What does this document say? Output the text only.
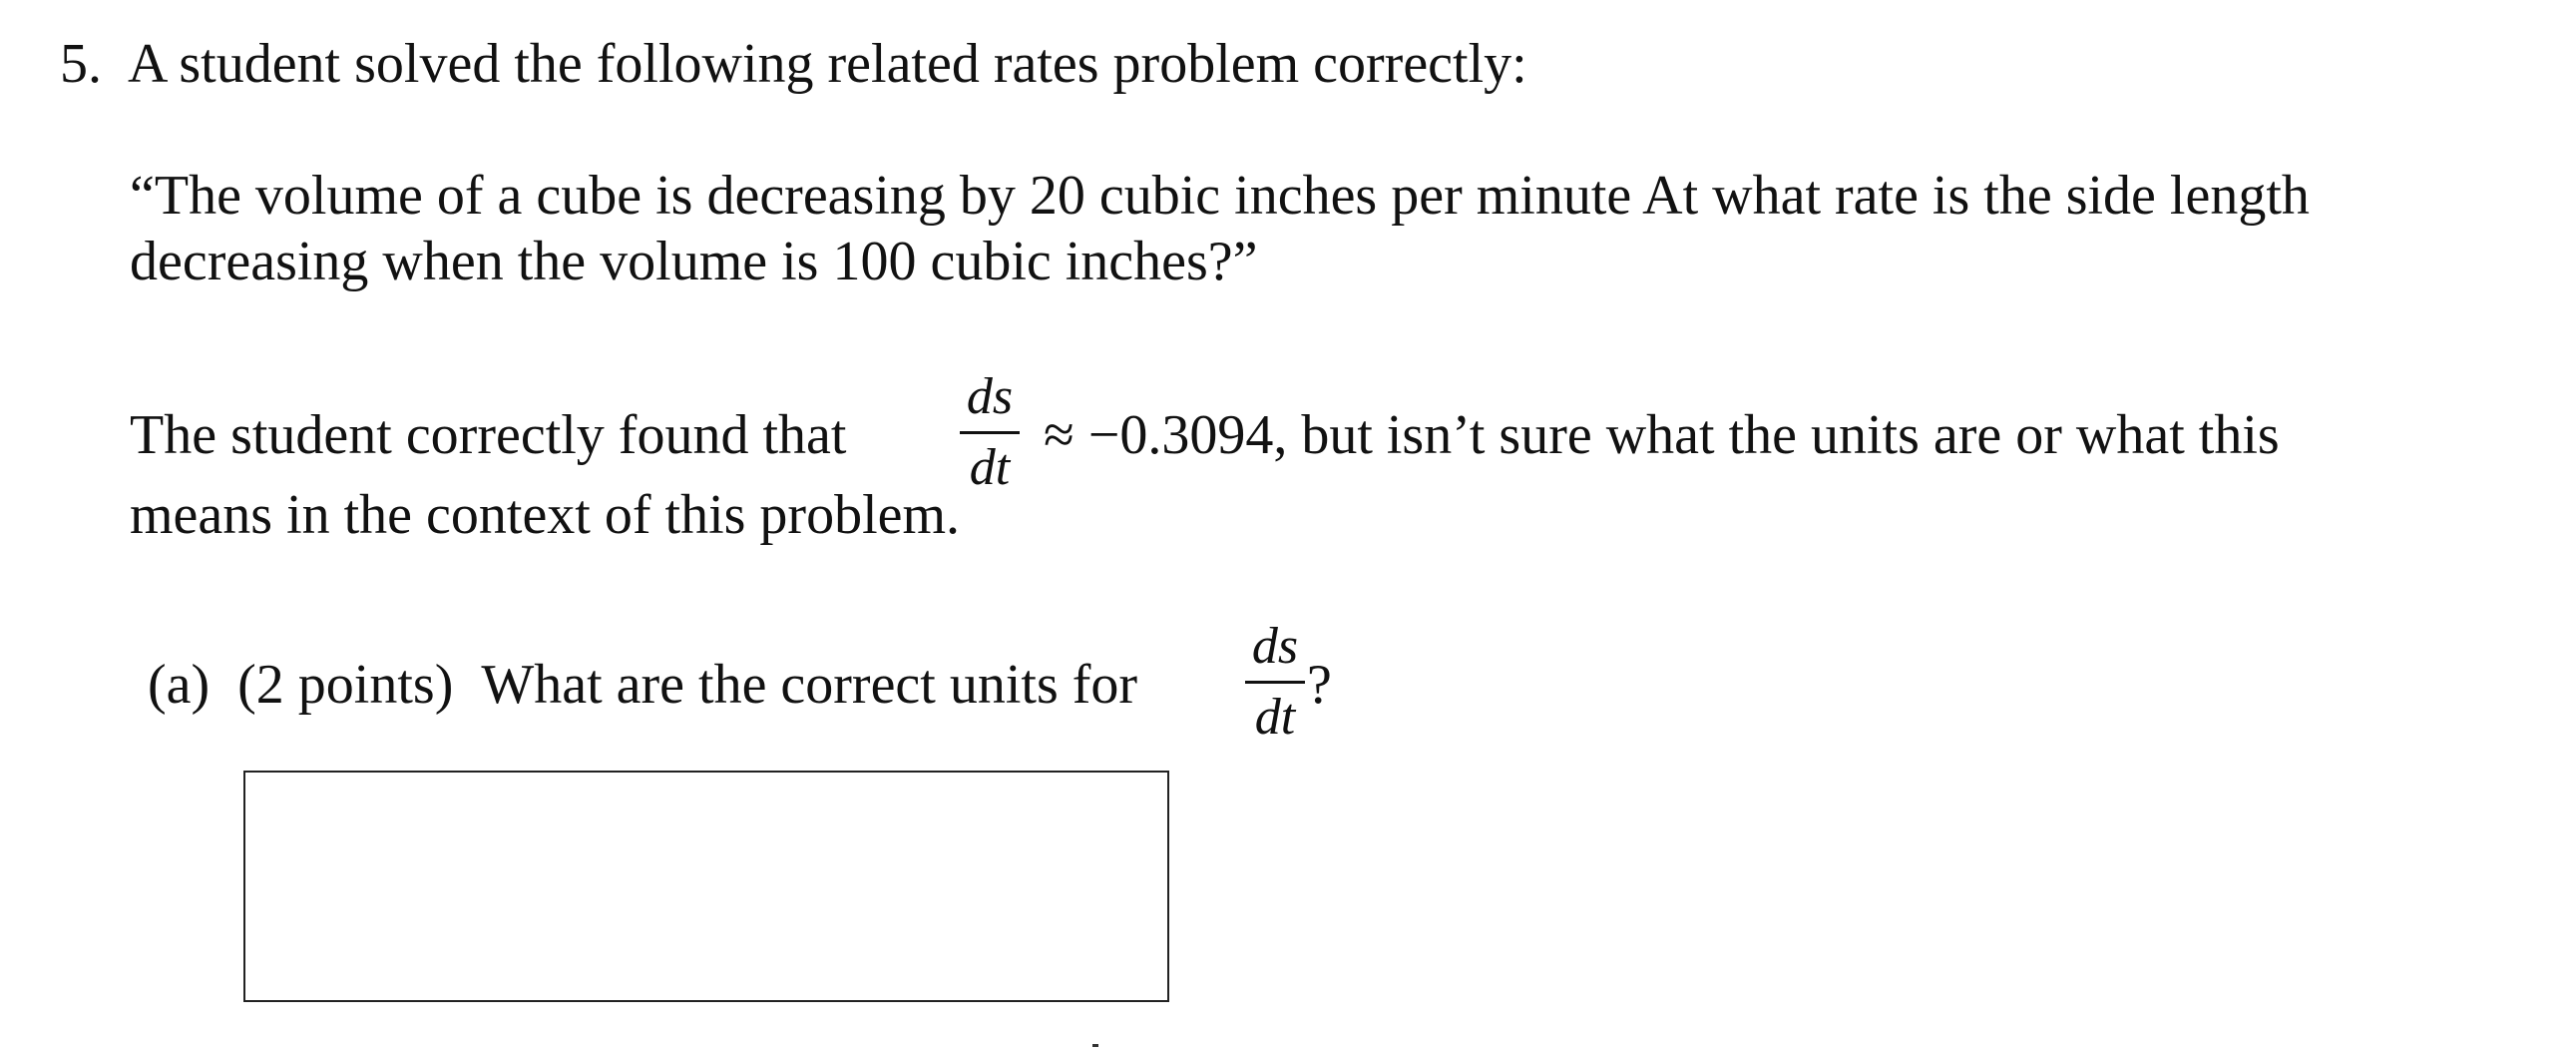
5. A student solved the following related rates problem correctly:
“The volume of a cube is decreasing by 20 cubic inches per minute At what rate is the side length
decreasing when the volume is 100 cubic inches?”
The student correctly found that
ds
dt
≈ −0.3094, but isn’t sure what the units are or what this
means in the context of this problem.
(a) (2 points) What are the correct units for
ds
dt
?
